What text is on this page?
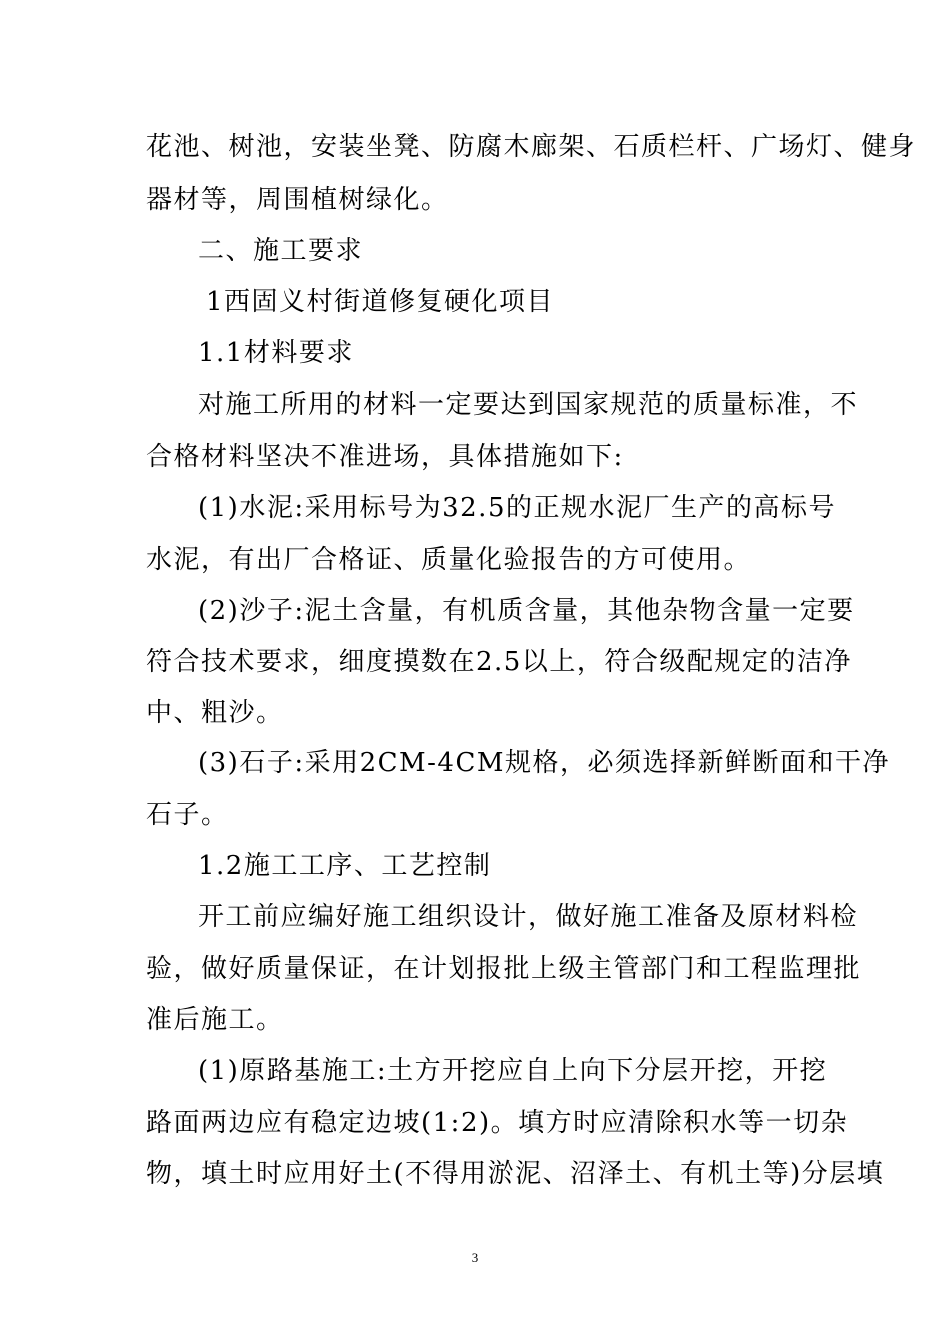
花池、树池，安装坐凳、防腐木廊架、石质栏杆、广场灯、健身
器材等，周围植树绿化。
二、施工要求
1西固义村街道修复硬化项目
1.1材料要求
对施工所用的材料一定要达到国家规范的质量标准，不
合格材料坚决不准进场，具体措施如下:
(1)水泥:采用标号为32.5的正规水泥厂生产的高标号
水泥，有出厂合格证、质量化验报告的方可使用。
(2)沙子:泥土含量，有机质含量，其他杂物含量一定要
符合技术要求，细度摸数在2.5以上，符合级配规定的洁净
中、粗沙。
(3)石子:采用2CM-4CM规格，必须选择新鲜断面和干净
石子。
1.2施工工序、工艺控制
开工前应编好施工组织设计，做好施工准备及原材料检
验，做好质量保证，在计划报批上级主管部门和工程监理批
准后施工。
(1)原路基施工:土方开挖应自上向下分层开挖，开挖
路面两边应有稳定边坡(1:2)。填方时应清除积水等一切杂
物，填土时应用好土(不得用淤泥、沼泽土、有机土等)分层填
3
